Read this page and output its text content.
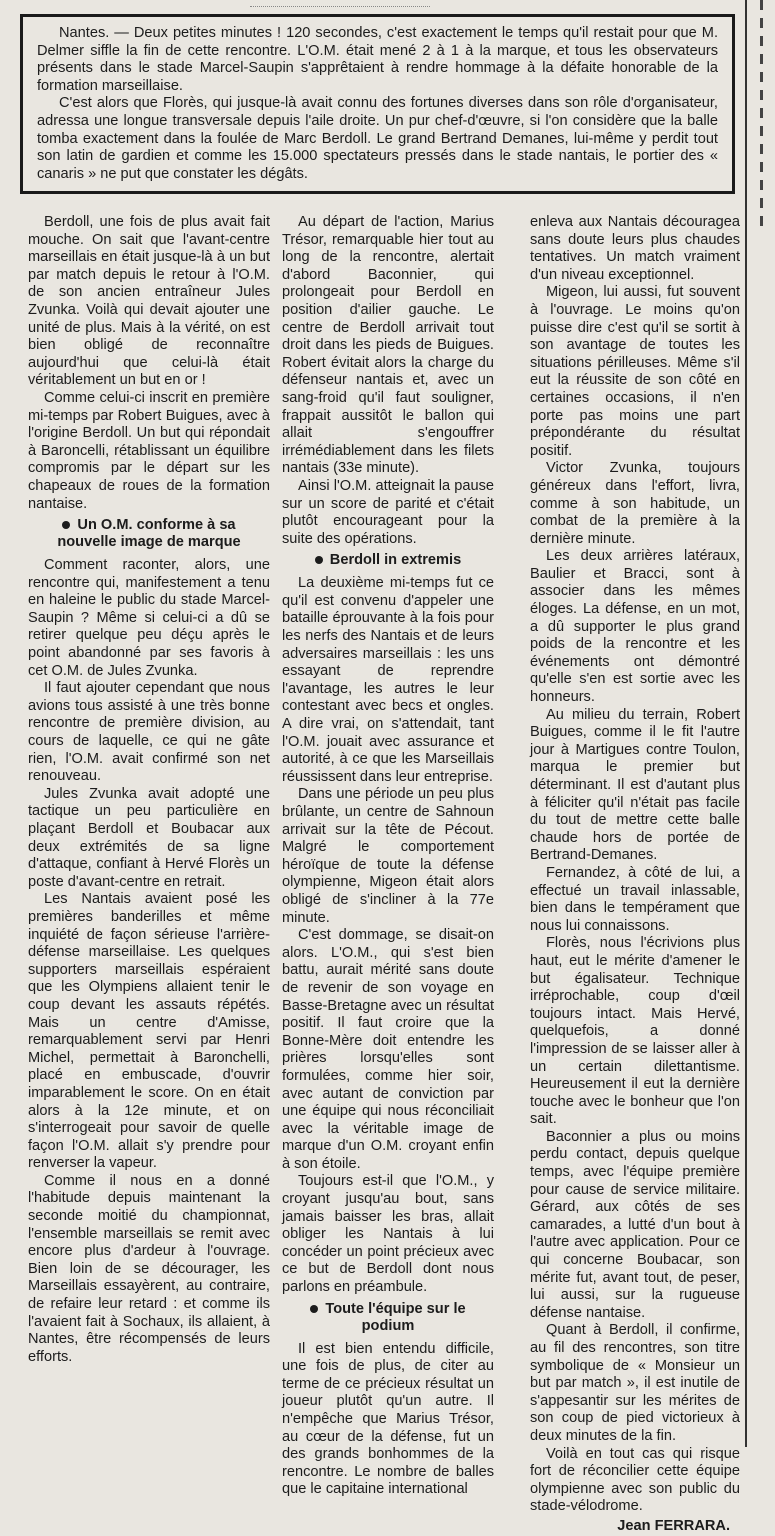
Nantes. — Deux petites minutes ! 120 secondes, c'est exactement le temps qu'il restait pour que M. Delmer siffle la fin de cette rencontre. L'O.M. était mené 2 à 1 à la marque, et tous les observateurs présents dans le stade Marcel-Saupin s'apprêtaient à rendre hommage à la défaite honorable de la formation marseillaise.

C'est alors que Florès, qui jusque-là avait connu des fortunes diverses dans son rôle d'organisateur, adressa une longue transversale depuis l'aile droite. Un pur chef-d'œuvre, si l'on considère que la balle tomba exactement dans la foulée de Marc Berdoll. Le grand Bertrand Demanes, lui-même y perdit tout son latin de gardien et comme les 15.000 spectateurs pressés dans le stade nantais, le portier des « canaris » ne put que constater les dégâts.

Berdoll, une fois de plus avait fait mouche. On sait que l'avant-centre marseillais en était jusque-là à un but par match depuis le retour à l'O.M. de son ancien entraîneur Jules Zvunka. Voilà qui devait ajouter une unité de plus. Mais à la vérité, on est bien obligé de reconnaître aujourd'hui que celui-là était véritablement un but en or !

Comme celui-ci inscrit en première mi-temps par Robert Buigues, avec à l'origine Berdoll. Un but qui répondait à Baroncelli, rétablissant un équilibre compromis par le départ sur les chapeaux de roues de la formation nantaise.

Un O.M. conforme à sa
nouvelle image de marque

Comment raconter, alors, une rencontre qui, manifestement a tenu en haleine le public du stade Marcel-Saupin ? Même si celui-ci a dû se retirer quelque peu déçu après le point abandonné par ses favoris à cet O.M. de Jules Zvunka.

Il faut ajouter cependant que nous avions tous assisté à une très bonne rencontre de première division, au cours de laquelle, ce qui ne gâte rien, l'O.M. avait confirmé son net renouveau.

Jules Zvunka avait adopté une tactique un peu particulière en plaçant Berdoll et Boubacar aux deux extrémités de sa ligne d'attaque, confiant à Hervé Florès un poste d'avant-centre en retrait.

Les Nantais avaient posé les premières banderilles et même inquiété de façon sérieuse l'arrière-défense marseillaise. Les quelques supporters marseillais espéraient que les Olympiens allaient tenir le coup devant les assauts répétés. Mais un centre d'Amisse, remarquablement servi par Henri Michel, permettait à Baronchelli, placé en embuscade, d'ouvrir imparablement le score. On en était alors à la 12e minute, et on s'interrogeait pour savoir de quelle façon l'O.M. allait s'y prendre pour renverser la vapeur.

Comme il nous en a donné l'habitude depuis maintenant la seconde moitié du championnat, l'ensemble marseillais se remit avec encore plus d'ardeur à l'ouvrage. Bien loin de se décourager, les Marseillais essayèrent, au contraire, de refaire leur retard : et comme ils l'avaient fait à Sochaux, ils allaient, à Nantes, être récompensés de leurs efforts.

Au départ de l'action, Marius Trésor, remarquable hier tout au long de la rencontre, alertait d'abord Baconnier, qui prolongeait pour Berdoll en position d'ailier gauche. Le centre de Berdoll arrivait tout droit dans les pieds de Buigues. Robert évitait alors la charge du défenseur nantais et, avec un sang-froid qu'il faut souligner, frappait aussitôt le ballon qui allait s'engouffrer irrémédiablement dans les filets nantais (33e minute).

Ainsi l'O.M. atteignait la pause sur un score de parité et c'était plutôt encourageant pour la suite des opérations.

Berdoll in extremis

La deuxième mi-temps fut ce qu'il est convenu d'appeler une bataille éprouvante à la fois pour les nerfs des Nantais et de leurs adversaires marseillais : les uns essayant de reprendre l'avantage, les autres le leur contestant avec becs et ongles. A dire vrai, on s'attendait, tant l'O.M. jouait avec assurance et autorité, à ce que les Marseillais réussissent dans leur entreprise.

Dans une période un peu plus brûlante, un centre de Sahnoun arrivait sur la tête de Pécout. Malgré le comportement héroïque de toute la défense olympienne, Migeon était alors obligé de s'incliner à la 77e minute.

C'est dommage, se disait-on alors. L'O.M., qui s'est bien battu, aurait mérité sans doute de revenir de son voyage en Basse-Bretagne avec un résultat positif. Il faut croire que la Bonne-Mère doit entendre les prières lorsqu'elles sont formulées, comme hier soir, avec autant de conviction par une équipe qui nous réconciliait avec la véritable image de marque d'un O.M. croyant enfin à son étoile.

Toujours est-il que l'O.M., y croyant jusqu'au bout, sans jamais baisser les bras, allait obliger les Nantais à lui concéder un point précieux avec ce but de Berdoll dont nous parlons en préambule.

Toute l'équipe sur le
podium

Il est bien entendu difficile, une fois de plus, de citer au terme de ce précieux résultat un joueur plutôt qu'un autre. Il n'empêche que Marius Trésor, au cœur de la défense, fut un des grands bonhommes de la rencontre. Le nombre de balles que le capitaine international

enleva aux Nantais découragea sans doute leurs plus chaudes tentatives. Un match vraiment d'un niveau exceptionnel.

Migeon, lui aussi, fut souvent à l'ouvrage. Le moins qu'on puisse dire c'est qu'il se sortit à son avantage de toutes les situations périlleuses. Même s'il eut la réussite de son côté en certaines occasions, il n'en porte pas moins une part prépondérante du résultat positif.

Victor Zvunka, toujours généreux dans l'effort, livra, comme à son habitude, un combat de la première à la dernière minute.

Les deux arrières latéraux, Baulier et Bracci, sont à associer dans les mêmes éloges. La défense, en un mot, a dû supporter le plus grand poids de la rencontre et les événements ont démontré qu'elle s'en est sortie avec les honneurs.

Au milieu du terrain, Robert Buigues, comme il le fit l'autre jour à Martigues contre Toulon, marqua le premier but déterminant. Il est d'autant plus à féliciter qu'il n'était pas facile du tout de mettre cette balle chaude hors de portée de Bertrand-Demanes.

Fernandez, à côté de lui, a effectué un travail inlassable, bien dans le tempérament que nous lui connaissons.

Florès, nous l'écrivions plus haut, eut le mérite d'amener le but égalisateur. Technique irréprochable, coup d'œil toujours intact. Mais Hervé, quelquefois, a donné l'impression de se laisser aller à un certain dilettantisme. Heureusement il eut la dernière touche avec le bonheur que l'on sait.

Baconnier a plus ou moins perdu contact, depuis quelque temps, avec l'équipe première pour cause de service militaire. Gérard, aux côtés de ses camarades, a lutté d'un bout à l'autre avec application. Pour ce qui concerne Boubacar, son mérite fut, avant tout, de peser, lui aussi, sur la rugueuse défense nantaise.

Quant à Berdoll, il confirme, au fil des rencontres, son titre symbolique de « Monsieur un but par match », il est inutile de s'appesantir sur les mérites de son coup de pied victorieux à deux minutes de la fin.

Voilà en tout cas qui risque fort de réconcilier cette équipe olympienne avec son public du stade-vélodrome.

Jean FERRARA.
